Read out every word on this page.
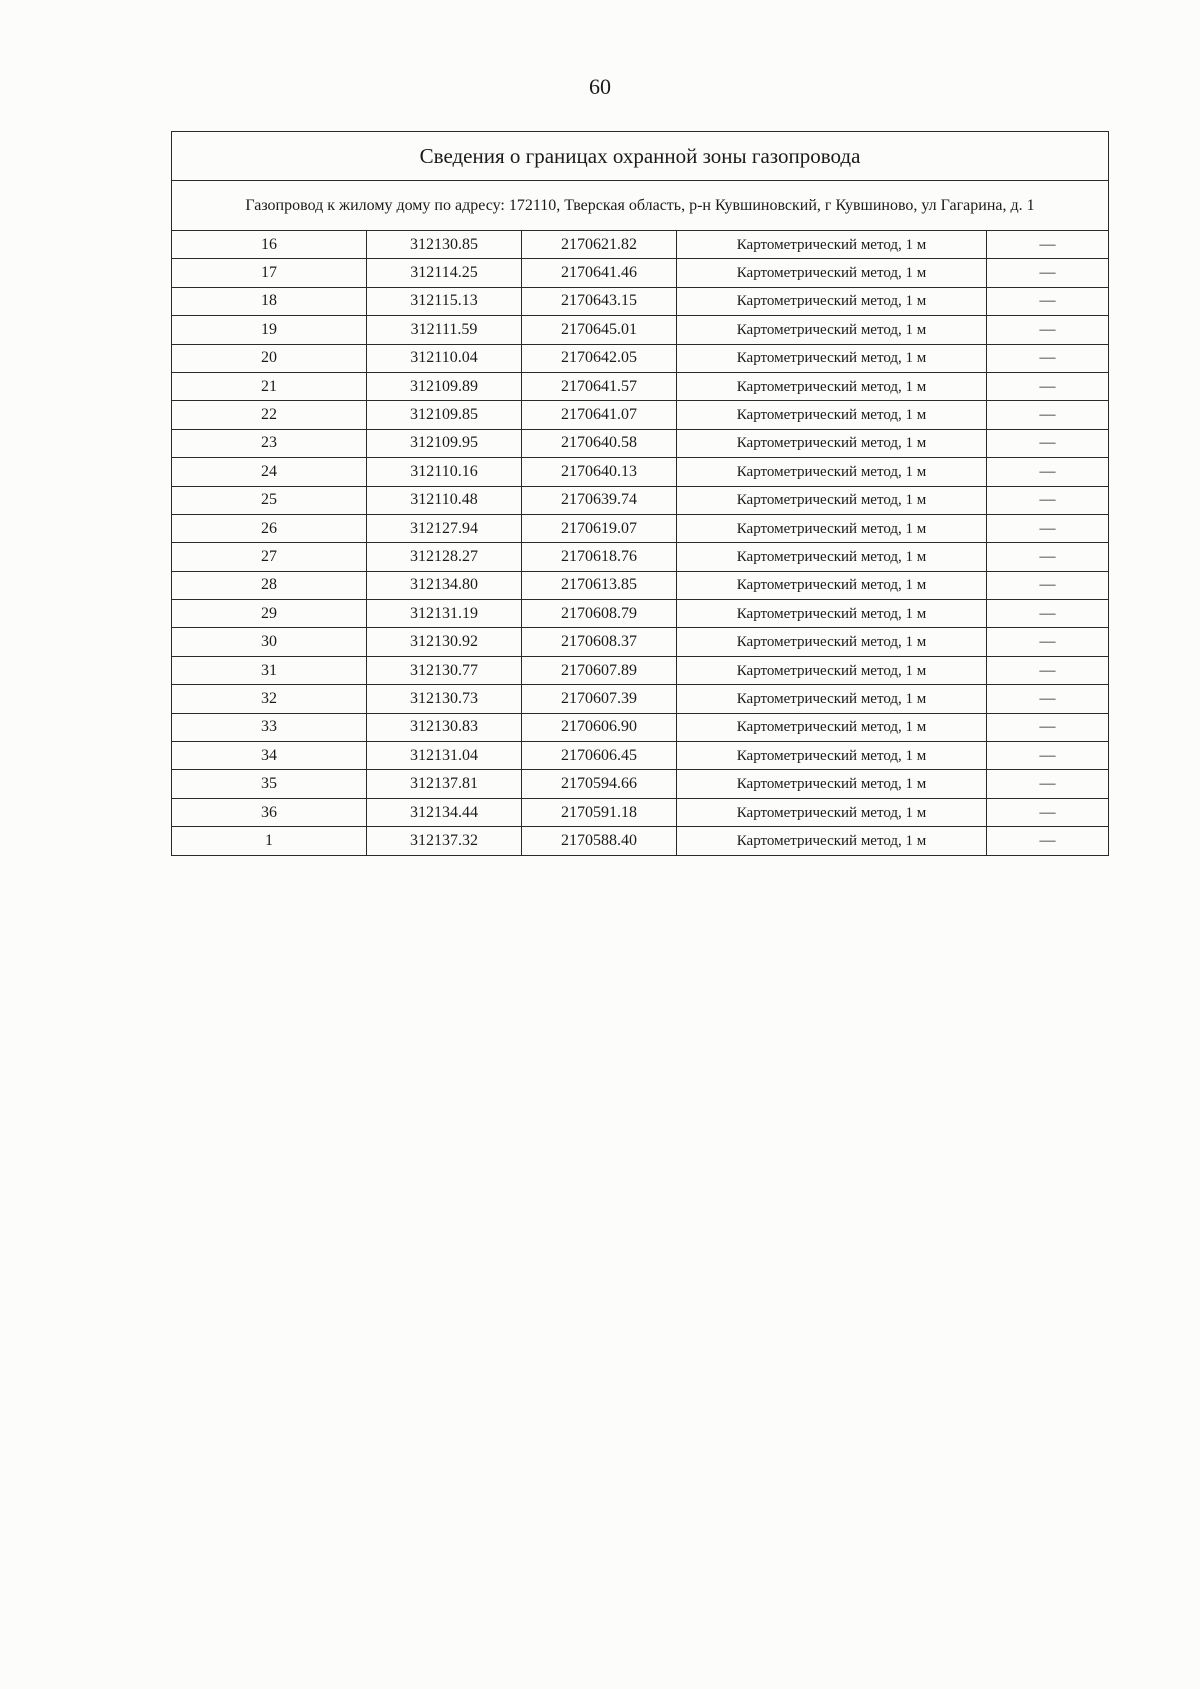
60
Сведения о границах охранной зоны газопровода				
Газопровод к жилому дому по адресу: 172110, Тверская область, р-н Кувшиновский, г Кувшиново, ул Гагарина, д. 1				
16	312130.85	2170621.82	Картометрический метод, 1 м	—
17	312114.25	2170641.46	Картометрический метод, 1 м	—
18	312115.13	2170643.15	Картометрический метод, 1 м	—
19	312111.59	2170645.01	Картометрический метод, 1 м	—
20	312110.04	2170642.05	Картометрический метод, 1 м	—
21	312109.89	2170641.57	Картометрический метод, 1 м	—
22	312109.85	2170641.07	Картометрический метод, 1 м	—
23	312109.95	2170640.58	Картометрический метод, 1 м	—
24	312110.16	2170640.13	Картометрический метод, 1 м	—
25	312110.48	2170639.74	Картометрический метод, 1 м	—
26	312127.94	2170619.07	Картометрический метод, 1 м	—
27	312128.27	2170618.76	Картометрический метод, 1 м	—
28	312134.80	2170613.85	Картометрический метод, 1 м	—
29	312131.19	2170608.79	Картометрический метод, 1 м	—
30	312130.92	2170608.37	Картометрический метод, 1 м	—
31	312130.77	2170607.89	Картометрический метод, 1 м	—
32	312130.73	2170607.39	Картометрический метод, 1 м	—
33	312130.83	2170606.90	Картометрический метод, 1 м	—
34	312131.04	2170606.45	Картометрический метод, 1 м	—
35	312137.81	2170594.66	Картометрический метод, 1 м	—
36	312134.44	2170591.18	Картометрический метод, 1 м	—
1	312137.32	2170588.40	Картометрический метод, 1 м	—
